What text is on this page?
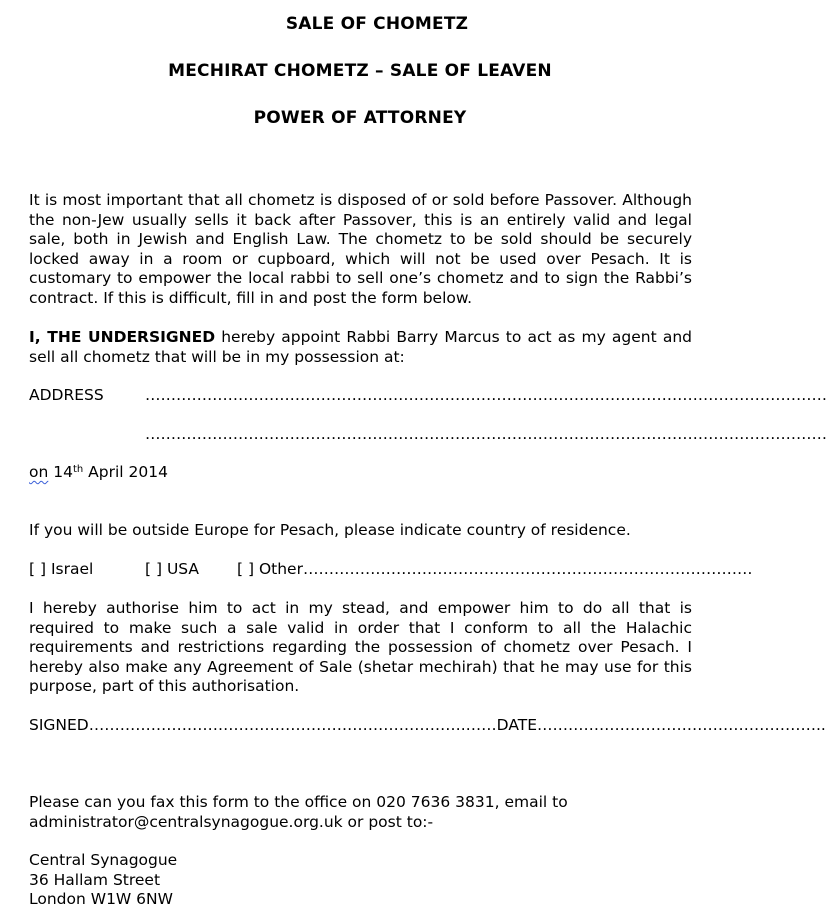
SALE OF CHOMETZ
MECHIRAT CHOMETZ – SALE OF LEAVEN
POWER OF ATTORNEY

It is most important that all chometz is disposed of or sold before Passover. Although the non-Jew usually sells it back after Passover, this is an entirely valid and legal sale, both in Jewish and English Law. The chometz to be sold should be securely locked away in a room or cupboard, which will not be used over Pesach. It is customary to empower the local rabbi to sell one’s chometz and to sign the Rabbi’s contract. If this is difficult, fill in and post the form below.

I, THE UNDERSIGNED hereby appoint Rabbi Barry Marcus to act as my agent and sell all chometz that will be in my possession at:

ADDRESS	……………………………………………………………………………………………………………………
……………………………………………………………………………………………………………………
on 14th April 2014
If you will be outside Europe for Pesach, please indicate country of residence.
[ ] Israel	[ ] USA [ ] Other……………………………………………………………………………

I hereby authorise him to act in my stead, and empower him to do all that is required to make such a sale valid in order that I conform to all the Halachic requirements and restrictions regarding the possession of chometz over Pesach. I hereby also make any Agreement of Sale (shetar mechirah) that he may use for this purpose, part of this authorisation.

SIGNED……………………………………………………………….……DATE………………………………………………..
Please can you fax this form to the office on 020 7636 3831, email to
administrator@centralsynagogue.org.uk or post to:-
Central Synagogue
36 Hallam Street
London W1W 6NW
